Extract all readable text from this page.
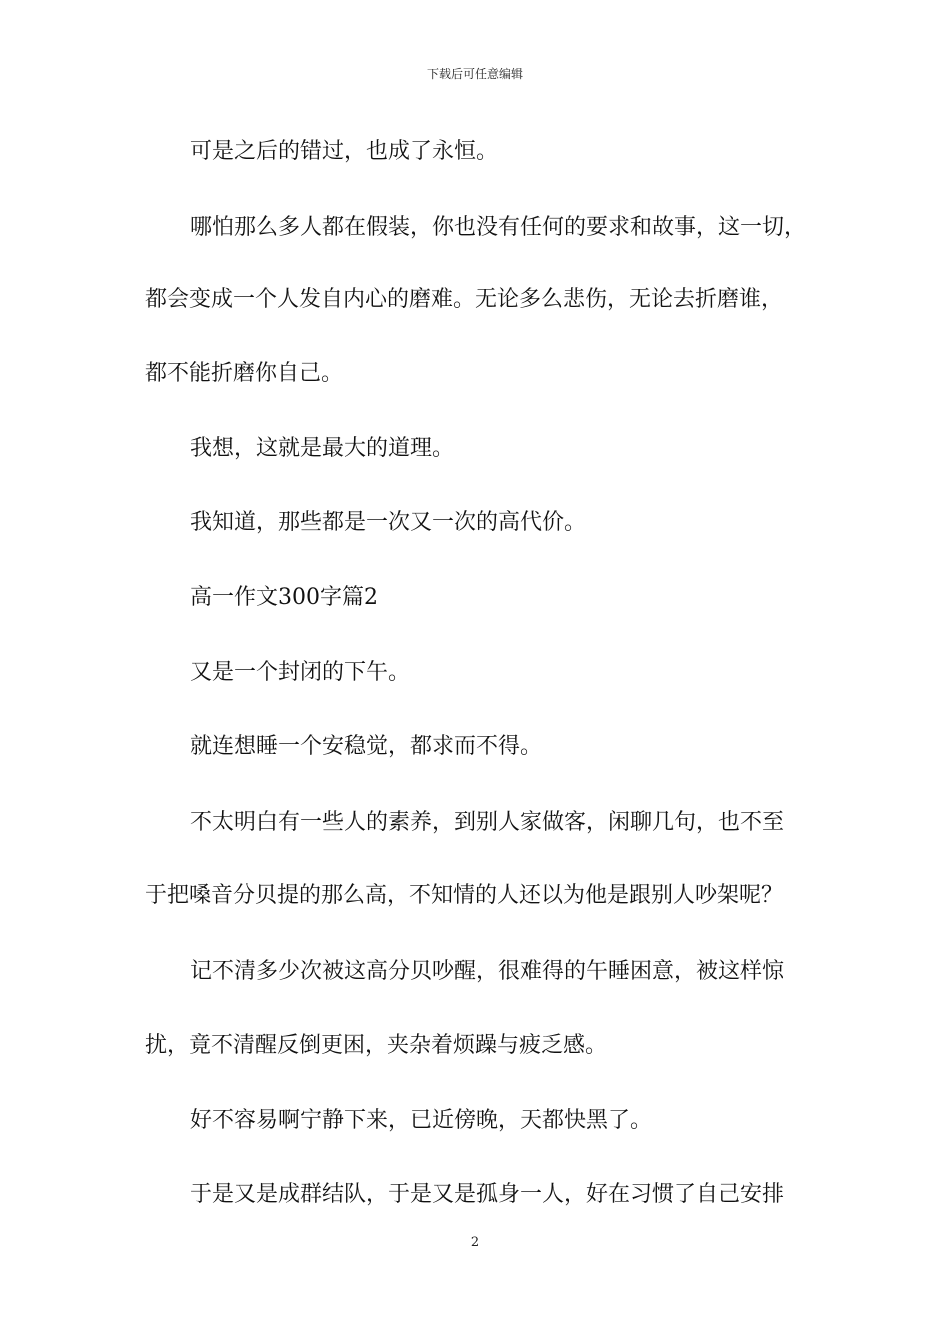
下载后可任意编辑
可是之后的错过，也成了永恒。
哪怕那么多人都在假装，你也没有任何的要求和故事，这一切，
都会变成一个人发自内心的磨难。无论多么悲伤，无论去折磨谁，
都不能折磨你自己。
我想，这就是最大的道理。
我知道，那些都是一次又一次的高代价。
高一作文300字篇2
又是一个封闭的下午。
就连想睡一个安稳觉，都求而不得。
不太明白有一些人的素养，到别人家做客，闲聊几句，也不至
于把嗓音分贝提的那么高，不知情的人还以为他是跟别人吵架呢？
记不清多少次被这高分贝吵醒，很难得的午睡困意，被这样惊
扰，竟不清醒反倒更困，夹杂着烦躁与疲乏感。
好不容易啊宁静下来，已近傍晚，天都快黑了。
于是又是成群结队，于是又是孤身一人，好在习惯了自己安排
2
